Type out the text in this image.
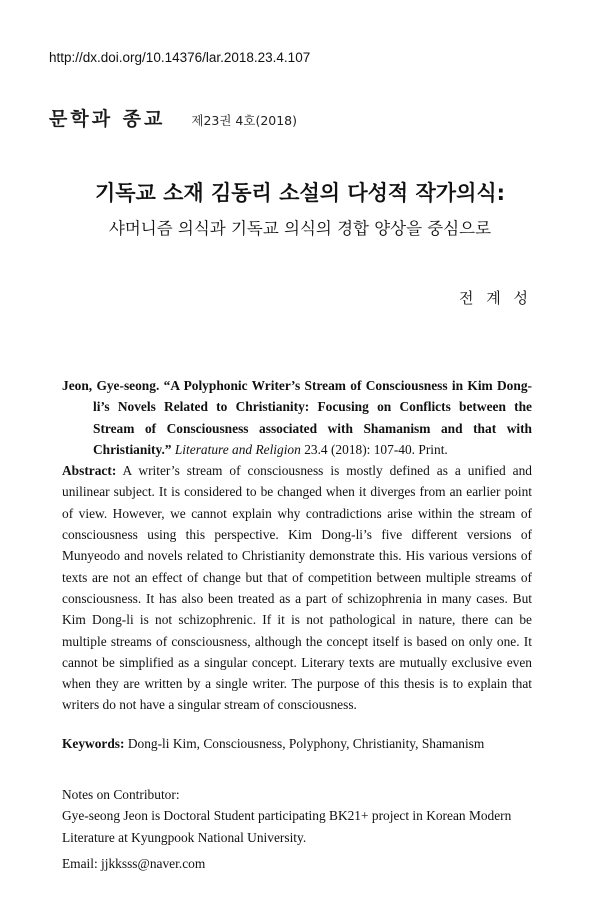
http://dx.doi.org/10.14376/lar.2018.23.4.107
문학과 종교 제23권 4호(2018)
기독교 소재 김동리 소설의 다성적 작가의식:
샤머니즘 의식과 기독교 의식의 경합 양상을 중심으로
전 계 성
Jeon, Gye-seong. “A Polyphonic Writer’s Stream of Consciousness in Kim Dong-li’s Novels Related to Christianity: Focusing on Conflicts between the Stream of Consciousness associated with Shamanism and that with Christianity.” Literature and Religion 23.4 (2018): 107-40. Print.
Abstract: A writer’s stream of consciousness is mostly defined as a unified and unilinear subject. It is considered to be changed when it diverges from an earlier point of view. However, we cannot explain why contradictions arise within the stream of consciousness using this perspective. Kim Dong-li’s five different versions of Munyeodo and novels related to Christianity demonstrate this. His various versions of texts are not an effect of change but that of competition between multiple streams of consciousness. It has also been treated as a part of schizophrenia in many cases. But Kim Dong-li is not schizophrenic. If it is not pathological in nature, there can be multiple streams of consciousness, although the concept itself is based on only one. It cannot be simplified as a singular concept. Literary texts are mutually exclusive even when they are written by a single writer. The purpose of this thesis is to explain that writers do not have a singular stream of consciousness.
Keywords: Dong-li Kim, Consciousness, Polyphony, Christianity, Shamanism

Notes on Contributor:

Gye-seong Jeon is Doctoral Student participating BK21+ project in Korean Modern Literature at Kyungpook National University.

Email: jjkksss@naver.com
